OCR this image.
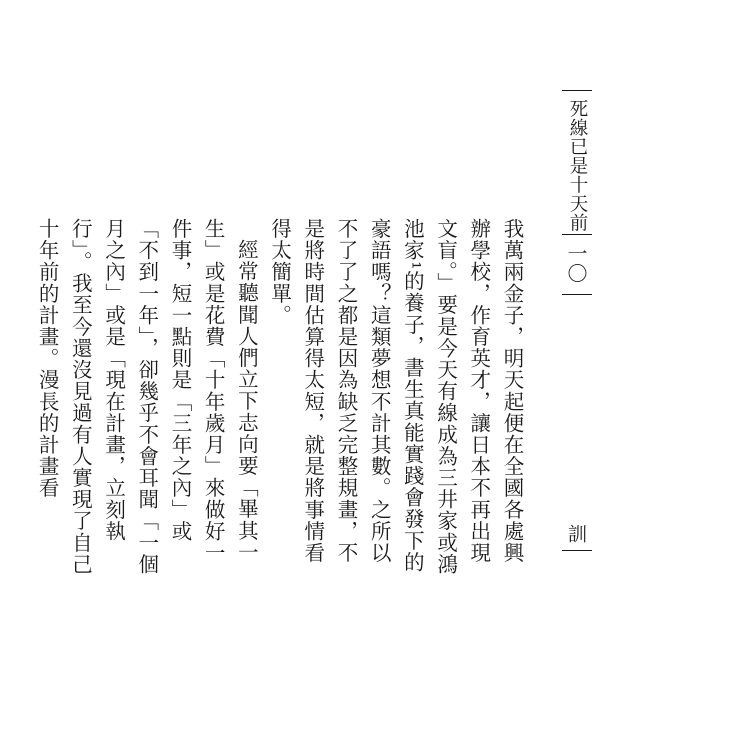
死線已是十天前
一〇
訓

我萬兩金子，明天起便在全國各處興辦學校，作育英才，讓日本不再出現文盲。」要是今天有線成為三井家或鴻池家¹的養子，書生真能實踐會發下的豪語嗎？這類夢想不計其數。之所以不了了之都是因為缺乏完整規畫，不是將時間估算得太短，就是將事情看得太簡單。

經常聽聞人們立下志向要「畢其一生」或是花費「十年歲月」來做好一件事，短一點則是「三年之內」或「不到一年」，卻幾乎不會耳聞「一個月之內」或是「現在計畫，立刻執行」。我至今還沒見過有人實現了自己十年前的計畫。漫長的計畫看
